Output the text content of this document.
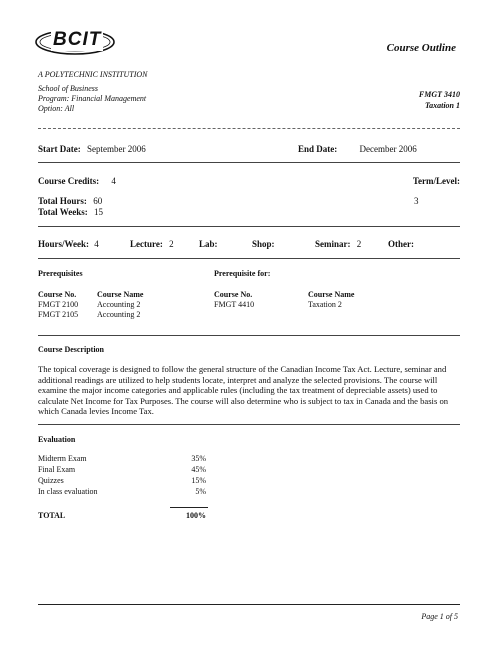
BCIT	Course Outline
A POLYTECHNIC INSTITUTION
School of Business
Program: Financial Management
Option: All
FMGT 3410
Taxation 1
Start Date: September 2006	End Date: December 2006
Course Credits: 4	Term/Level:
Total Hours: 60	3
Total Weeks: 15
Hours/Week: 4	Lecture: 2	Lab:	Shop:	Seminar: 2	Other:
Prerequisites
Course No.	Course Name
FMGT 2100 Accounting 2
FMGT 2105 Accounting 2
Prerequisite for:
Course No.	Course Name
FMGT 4410	Taxation 2
Course Description
The topical coverage is designed to follow the general structure of the Canadian Income Tax Act. Lecture, seminar and additional readings are utilized to help students locate, interpret and analyze the selected provisions. The course will examine the major income categories and applicable rules (including the tax treatment of depreciable assets) used to calculate Net Income for Tax Purposes. The course will also determine who is subject to tax in Canada and the basis on which Canada levies Income Tax.
Evaluation
Midterm Exam	35%
Final Exam	45%
Quizzes	15%
In class evaluation	5%
TOTAL	100%
Page 1 of 5
